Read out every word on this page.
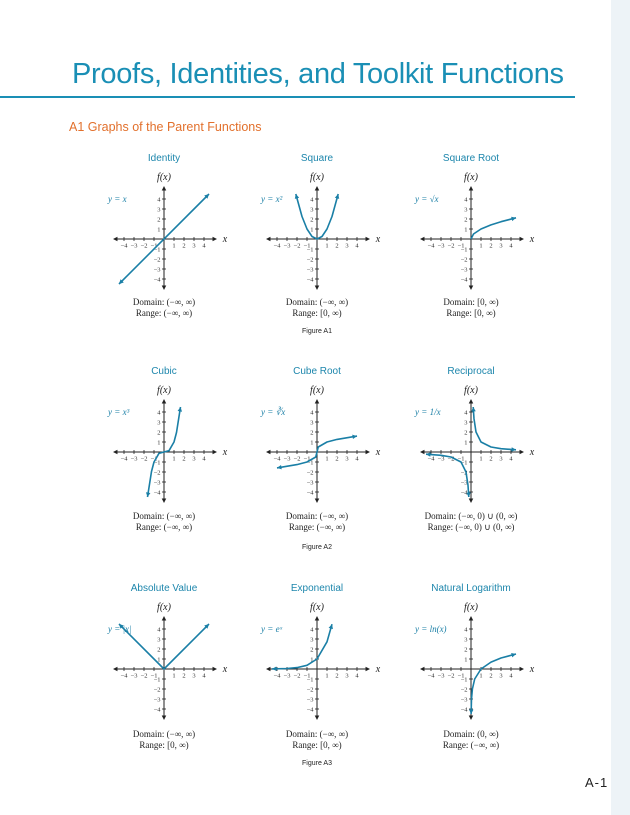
Proofs, Identities, and Toolkit Functions
A1 Graphs of the Parent Functions
Identity
−4 −3 −2 −1 1 2 3 4
4
3
2
1
−1
−2
−3
−4
f(x)
x
y = x
Domain: (−∞, ∞)
Range: (−∞, ∞)
Square
−4 −3 −2 −1 1 2 3 4
4
3
2
1
−1
−2
−3
−4
f(x)
x
y = x²
Domain: (−∞, ∞)
Range: [0, ∞)
Square Root
−4 −3 −2 −1 1 2 3 4
4
3
2
1
−1
−2
−3
−4
f(x)
x
y = √x
Domain: [0, ∞)
Range: [0, ∞)
Figure A1
Cubic
−4 −3 −2 −1 1 2 3 4
4
3
2
1
−1
−2
−3
−4
f(x)
x
y = x³
Domain: (−∞, ∞)
Range: (−∞, ∞)
Cube Root
−4 −3 −2 −1 1 2 3 4
4
3
2
1
−1
−2
−3
−4
f(x)
x
y = ∛x
Domain: (−∞, ∞)
Range: (−∞, ∞)
Reciprocal
−4 −3 −2 −1 1 2 3 4
4
3
2
1
−1
−2
−3
−4
f(x)
x
y = 1/x
Domain: (−∞, 0) ∪ (0, ∞)
Range: (−∞, 0) ∪ (0, ∞)
Figure A2
Absolute Value
−4 −3 −2 −1 1 2 3 4
4
3
2
1
−1
−2
−3
−4
f(x)
x
y = |x|
Domain: (−∞, ∞)
Range: [0, ∞)
Exponential
−4 −3 −2 −1 1 2 3 4
4
3
2
1
−1
−2
−3
−4
f(x)
x
y = eˣ
Domain: (−∞, ∞)
Range: [0, ∞)
Natural Logarithm
−4 −3 −2 −1 1 2 3 4
4
3
2
1
−1
−2
−3
−4
f(x)
x
y = ln(x)
Domain: (0, ∞)
Range: (−∞, ∞)
Figure A3
A-1
